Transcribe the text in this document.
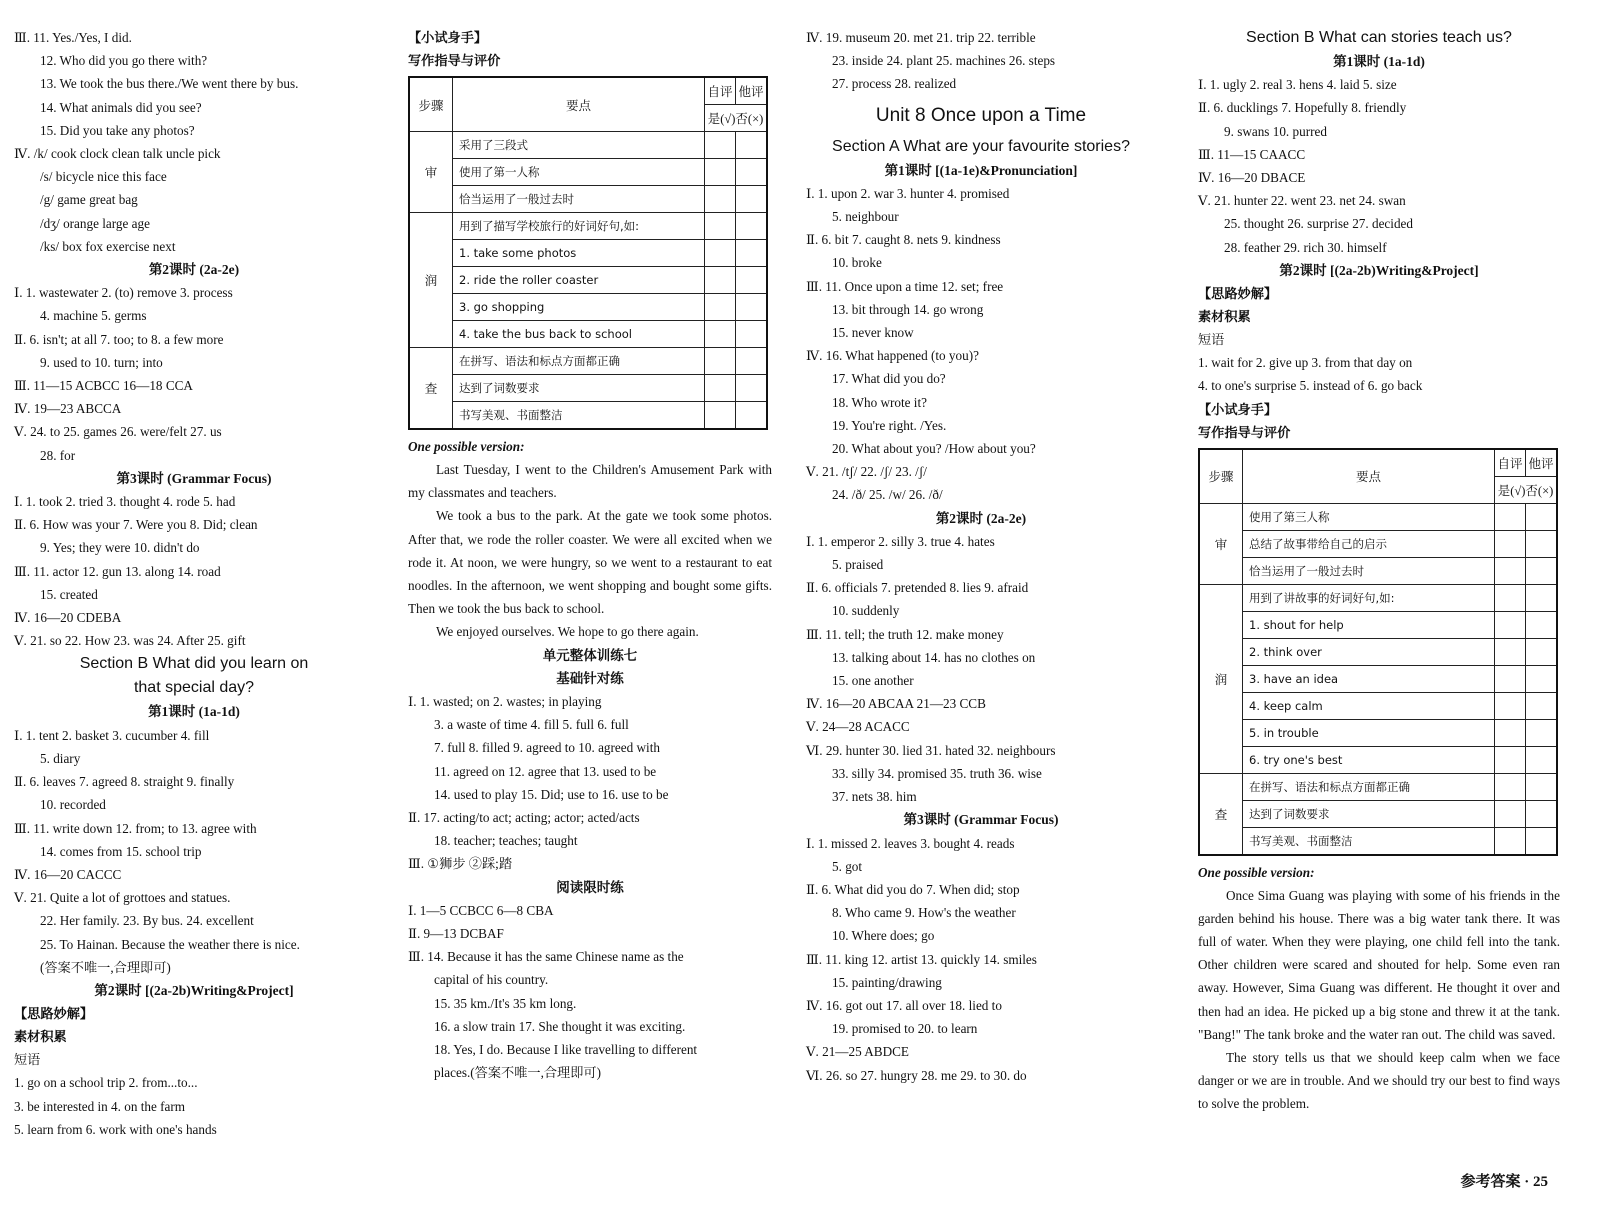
Ⅲ. 11. Yes./Yes, I did.
12. Who did you go there with?
13. We took the bus there./We went there by bus.
14. What animals did you see?
15. Did you take any photos?
Ⅳ. /k/ cook clock clean talk uncle pick
/s/ bicycle nice this face
/g/ game great bag
/dʒ/ orange large age
/ks/ box fox exercise next
第2课时 (2a-2e)
Ⅰ. 1. wastewater 2. (to) remove 3. process
4. machine 5. germs
Ⅱ. 6. isn't; at all 7. too; to 8. a few more
9. used to 10. turn; into
Ⅲ. 11—15 ACBCC 16—18 CCA
Ⅳ. 19—23 ABCCA
Ⅴ. 24. to 25. games 26. were/felt 27. us
28. for
第3课时 (Grammar Focus)
Ⅰ. 1. took 2. tried 3. thought 4. rode 5. had
Ⅱ. 6. How was your 7. Were you 8. Did; clean
9. Yes; they were 10. didn't do
Ⅲ. 11. actor 12. gun 13. along 14. road
15. created
Ⅳ. 16—20 CDEBA
Ⅴ. 21. so 22. How 23. was 24. After 25. gift
Section B What did you learn on
that special day?
第1课时 (1a-1d)
Ⅰ. 1. tent 2. basket 3. cucumber 4. fill
5. diary
Ⅱ. 6. leaves 7. agreed 8. straight 9. finally
10. recorded
Ⅲ. 11. write down 12. from; to 13. agree with
14. comes from 15. school trip
Ⅳ. 16—20 CACCC
Ⅴ. 21. Quite a lot of grottoes and statues.
22. Her family. 23. By bus. 24. excellent
25. To Hainan. Because the weather there is nice.
(答案不唯一,合理即可)
第2课时 [(2a-2b)Writing&Project]
【思路妙解】
素材积累
短语
1. go on a school trip 2. from...to...
3. be interested in 4. on the farm
5. learn from 6. work with one's hands
【小试身手】
写作指导与评价
步骤	要点	自评	他评
		是(√)否(×)	
审	采用了三段式		
	使用了第一人称		
	恰当运用了一般过去时		
润	用到了描写学校旅行的好词好句,如:		
	1. take some photos		
	2. ride the roller coaster		
	3. go shopping		
	4. take the bus back to school		
查	在拼写、语法和标点方面都正确		
	达到了词数要求		
	书写美观、书面整洁		
One possible version:
Last Tuesday, I went to the Children's Amusement Park with my classmates and teachers.
We took a bus to the park. At the gate we took some photos. After that, we rode the roller coaster. We were all excited when we rode it. At noon, we were hungry, so we went to a restaurant to eat noodles. In the afternoon, we went shopping and bought some gifts. Then we took the bus back to school.
We enjoyed ourselves. We hope to go there again.
单元整体训练七
基础针对练
Ⅰ. 1. wasted; on 2. wastes; in playing
3. a waste of time 4. fill 5. full 6. full
7. full 8. filled 9. agreed to 10. agreed with
11. agreed on 12. agree that 13. used to be
14. used to play 15. Did; use to 16. use to be
Ⅱ. 17. acting/to act; acting; actor; acted/acts
18. teacher; teaches; taught
Ⅲ. ①狮步 ②踩;踏
阅读限时练
Ⅰ. 1—5 CCBCC 6—8 CBA
Ⅱ. 9—13 DCBAF
Ⅲ. 14. Because it has the same Chinese name as the
capital of his country.
15. 35 km./It's 35 km long.
16. a slow train 17. She thought it was exciting.
18. Yes, I do. Because I like travelling to different
places.(答案不唯一,合理即可)
Ⅳ. 19. museum 20. met 21. trip 22. terrible
23. inside 24. plant 25. machines 26. steps
27. process 28. realized
Unit 8 Once upon a Time
Section A What are your favourite stories?
第1课时 [(1a-1e)&Pronunciation]
Ⅰ. 1. upon 2. war 3. hunter 4. promised
5. neighbour
Ⅱ. 6. bit 7. caught 8. nets 9. kindness
10. broke
Ⅲ. 11. Once upon a time 12. set; free
13. bit through 14. go wrong
15. never know
Ⅳ. 16. What happened (to you)?
17. What did you do?
18. Who wrote it?
19. You're right. /Yes.
20. What about you? /How about you?
Ⅴ. 21. /tʃ/ 22. /ʃ/ 23. /ʃ/
24. /ð/ 25. /w/ 26. /ð/
第2课时 (2a-2e)
Ⅰ. 1. emperor 2. silly 3. true 4. hates
5. praised
Ⅱ. 6. officials 7. pretended 8. lies 9. afraid
10. suddenly
Ⅲ. 11. tell; the truth 12. make money
13. talking about 14. has no clothes on
15. one another
Ⅳ. 16—20 ABCAA 21—23 CCB
Ⅴ. 24—28 ACACC
Ⅵ. 29. hunter 30. lied 31. hated 32. neighbours
33. silly 34. promised 35. truth 36. wise
37. nets 38. him
第3课时 (Grammar Focus)
Ⅰ. 1. missed 2. leaves 3. bought 4. reads
5. got
Ⅱ. 6. What did you do 7. When did; stop
8. Who came 9. How's the weather
10. Where does; go
Ⅲ. 11. king 12. artist 13. quickly 14. smiles
15. painting/drawing
Ⅳ. 16. got out 17. all over 18. lied to
19. promised to 20. to learn
Ⅴ. 21—25 ABDCE
Ⅵ. 26. so 27. hungry 28. me 29. to 30. do
Section B What can stories teach us?
第1课时 (1a-1d)
Ⅰ. 1. ugly 2. real 3. hens 4. laid 5. size
Ⅱ. 6. ducklings 7. Hopefully 8. friendly
9. swans 10. purred
Ⅲ. 11—15 CAACC
Ⅳ. 16—20 DBACE
Ⅴ. 21. hunter 22. went 23. net 24. swan
25. thought 26. surprise 27. decided
28. feather 29. rich 30. himself
第2课时 [(2a-2b)Writing&Project]
【思路妙解】
素材积累
短语
1. wait for 2. give up 3. from that day on
4. to one's surprise 5. instead of 6. go back
【小试身手】
写作指导与评价
步骤	要点	自评	他评
		是(√)否(×)	
审	使用了第三人称		
	总结了故事带给自己的启示		
	恰当运用了一般过去时		
润	用到了讲故事的好词好句,如:		
	1. shout for help		
	2. think over		
	3. have an idea		
	4. keep calm		
	5. in trouble		
	6. try one's best		
查	在拼写、语法和标点方面都正确		
	达到了词数要求		
	书写美观、书面整洁		
One possible version:
Once Sima Guang was playing with some of his friends in the garden behind his house. There was a big water tank there. It was full of water. When they were playing, one child fell into the tank. Other children were scared and shouted for help. Some even ran away. However, Sima Guang was different. He thought it over and then had an idea. He picked up a big stone and threw it at the tank. "Bang!" The tank broke and the water ran out. The child was saved.
The story tells us that we should keep calm when we face danger or we are in trouble. And we should try our best to find ways to solve the problem.
参考答案 · 25
